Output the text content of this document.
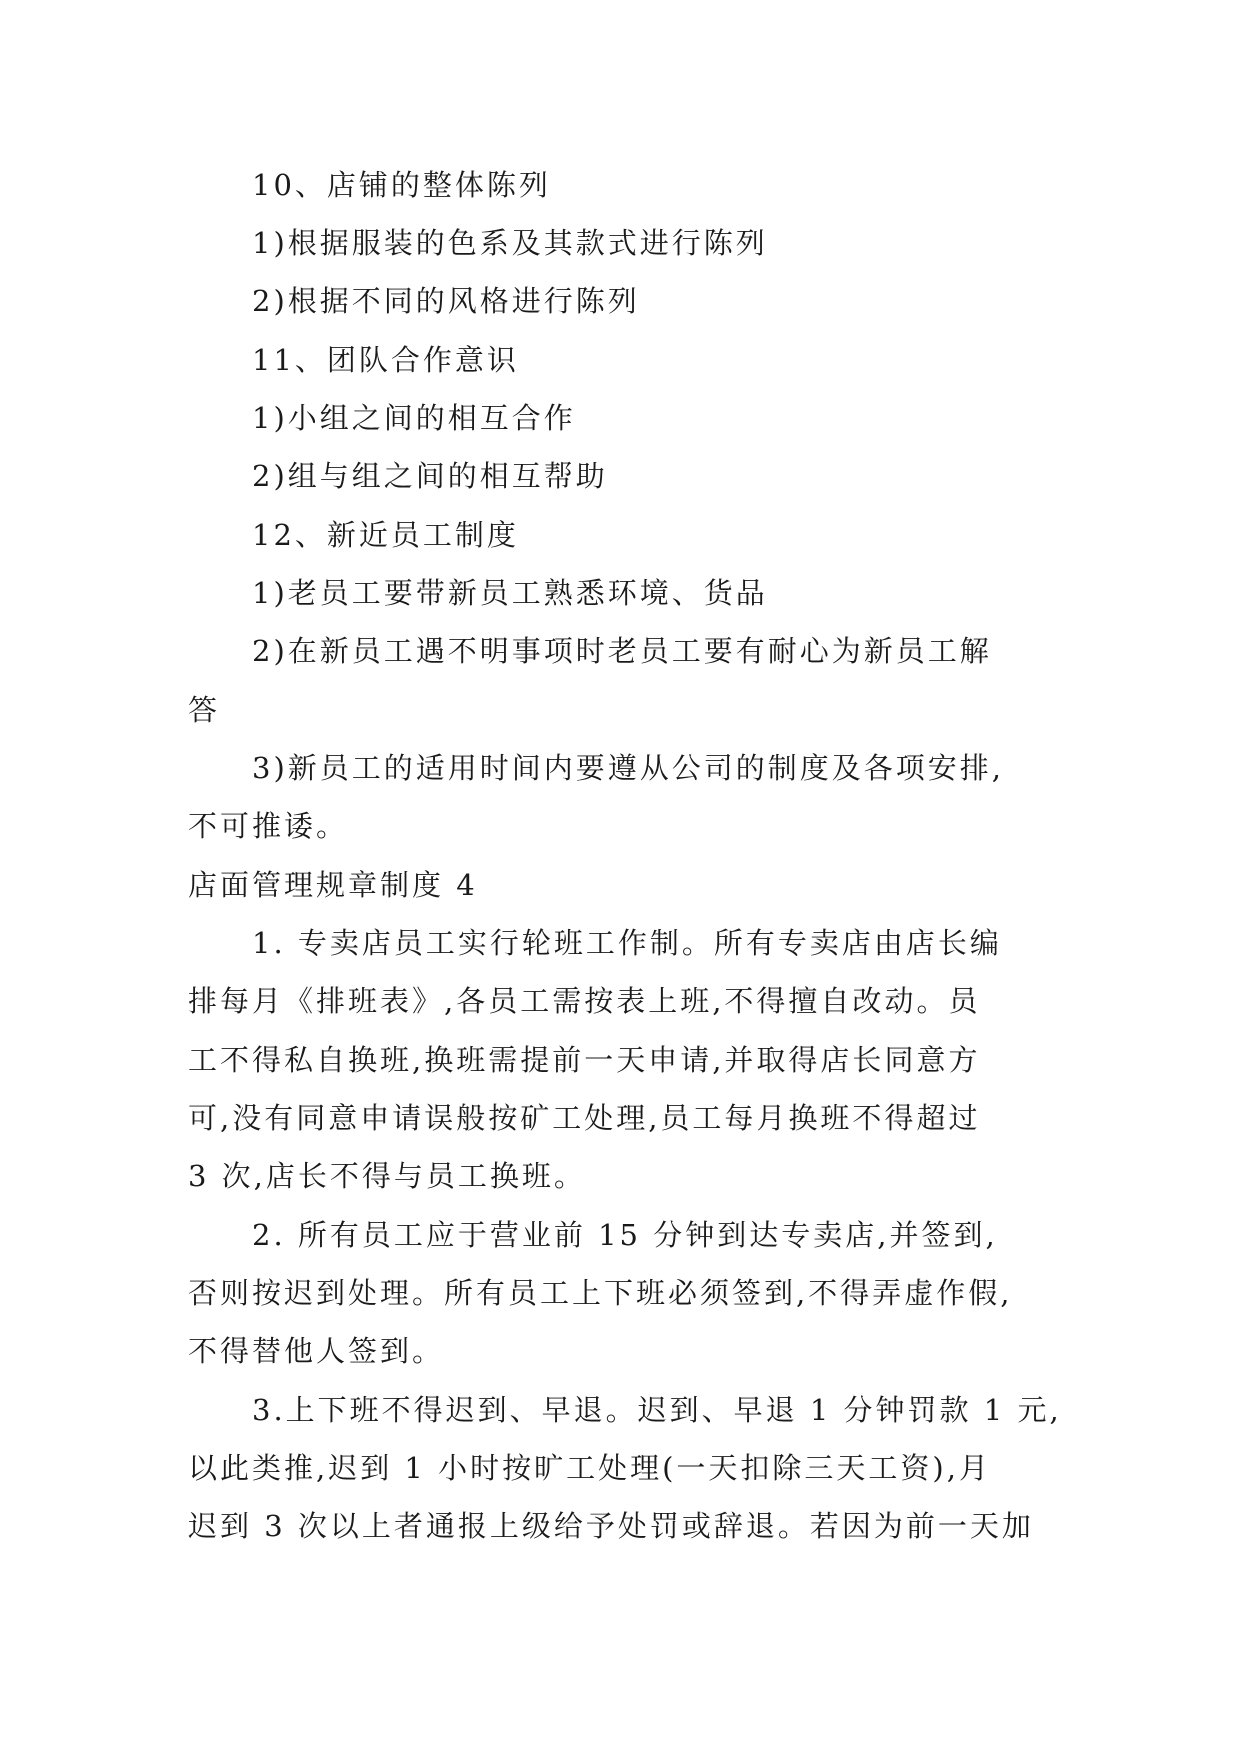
10、店铺的整体陈列
1)根据服装的色系及其款式进行陈列
2)根据不同的风格进行陈列
11、团队合作意识
1)小组之间的相互合作
2)组与组之间的相互帮助
12、新近员工制度
1)老员工要带新员工熟悉环境、货品
2)在新员工遇不明事项时老员工要有耐心为新员工解
答
3)新员工的适用时间内要遵从公司的制度及各项安排,
不可推诿。
店面管理规章制度 4
1. 专卖店员工实行轮班工作制。所有专卖店由店长编
排每月《排班表》,各员工需按表上班,不得擅自改动。员
工不得私自换班,换班需提前一天申请,并取得店长同意方
可,没有同意申请误般按矿工处理,员工每月换班不得超过
3 次,店长不得与员工换班。
2. 所有员工应于营业前 15 分钟到达专卖店,并签到,
否则按迟到处理。所有员工上下班必须签到,不得弄虚作假,
不得替他人签到。
3.上下班不得迟到、早退。迟到、早退 1 分钟罚款 1 元,
以此类推,迟到 1 小时按旷工处理(一天扣除三天工资),月
迟到 3 次以上者通报上级给予处罚或辞退。若因为前一天加
